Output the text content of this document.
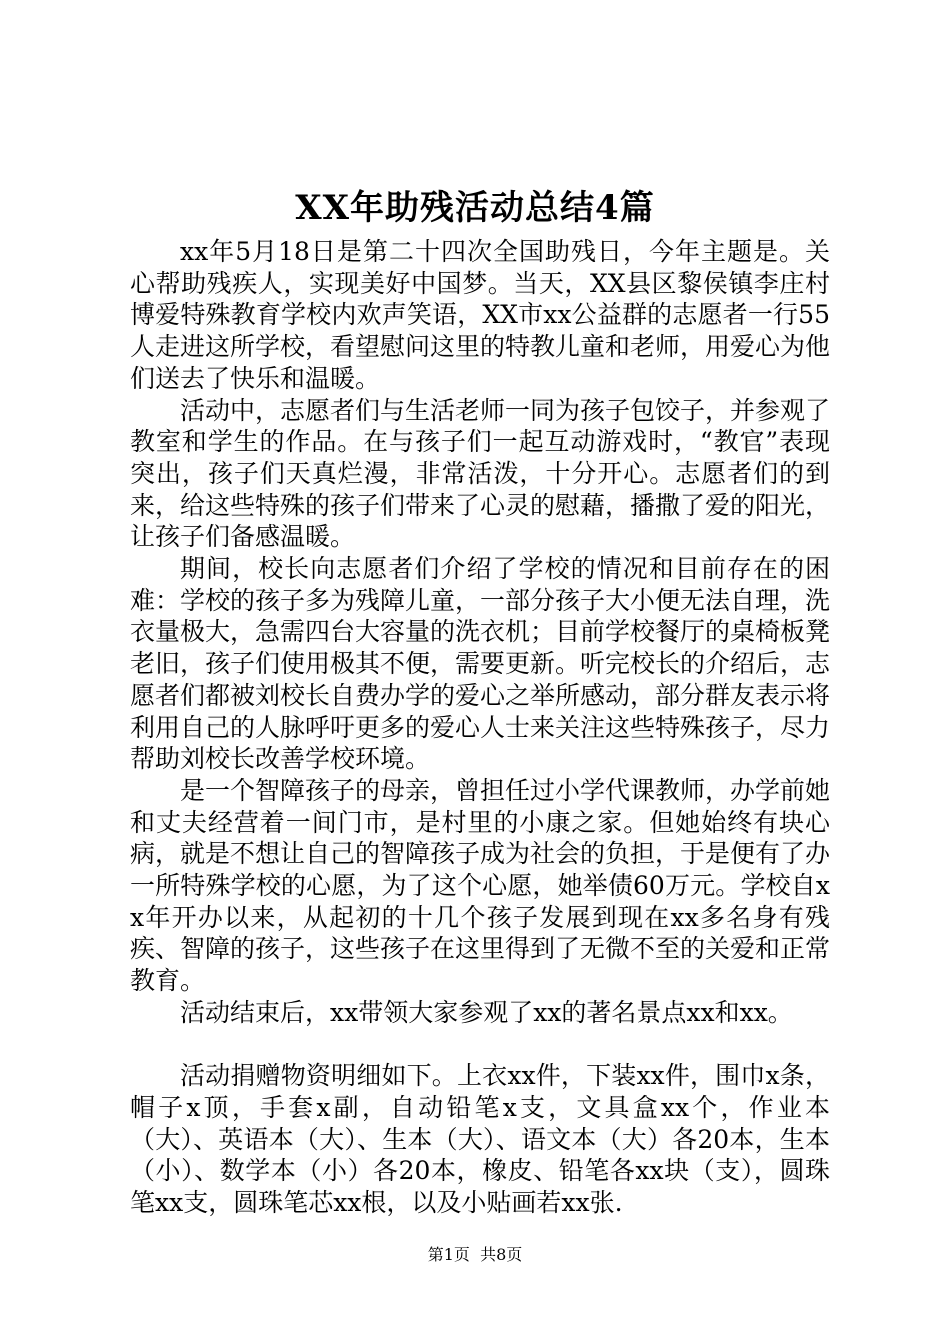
XX年助残活动总结4篇

xx年5月18日是第二十四次全国助残日，今年主题是。关心帮助残疾人，实现美好中国梦。当天，XX县区黎侯镇李庄村博爱特殊教育学校内欢声笑语，XX市xx公益群的志愿者一行55人走进这所学校，看望慰问这里的特教儿童和老师，用爱心为他们送去了快乐和温暖。

活动中，志愿者们与生活老师一同为孩子包饺子，并参观了教室和学生的作品。在与孩子们一起互动游戏时，“教官”表现突出，孩子们天真烂漫，非常活泼，十分开心。志愿者们的到来，给这些特殊的孩子们带来了心灵的慰藉，播撒了爱的阳光，让孩子们备感温暖。

期间，校长向志愿者们介绍了学校的情况和目前存在的困难：学校的孩子多为残障儿童，一部分孩子大小便无法自理，洗衣量极大，急需四台大容量的洗衣机；目前学校餐厅的桌椅板凳老旧，孩子们使用极其不便，需要更新。听完校长的介绍后，志愿者们都被刘校长自费办学的爱心之举所感动，部分群友表示将利用自己的人脉呼吁更多的爱心人士来关注这些特殊孩子，尽力帮助刘校长改善学校环境。

是一个智障孩子的母亲，曾担任过小学代课教师，办学前她和丈夫经营着一间门市，是村里的小康之家。但她始终有块心病，就是不想让自己的智障孩子成为社会的负担，于是便有了办一所特殊学校的心愿，为了这个心愿，她举债60万元。学校自xx年开办以来，从起初的十几个孩子发展到现在xx多名身有残疾、智障的孩子，这些孩子在这里得到了无微不至的关爱和正常教育。

活动结束后，xx带领大家参观了xx的著名景点xx和xx。

活动捐赠物资明细如下。上衣xx件，下装xx件，围巾x条，帽子x顶，手套x副，自动铅笔x支，文具盒xx个，作业本（大）、英语本（大）、生本（大）、语文本（大）各20本，生本（小）、数学本（小）各20本，橡皮、铅笔各xx块（支），圆珠笔xx支，圆珠笔芯xx根，以及小贴画若xx张.

第1页  共8页
